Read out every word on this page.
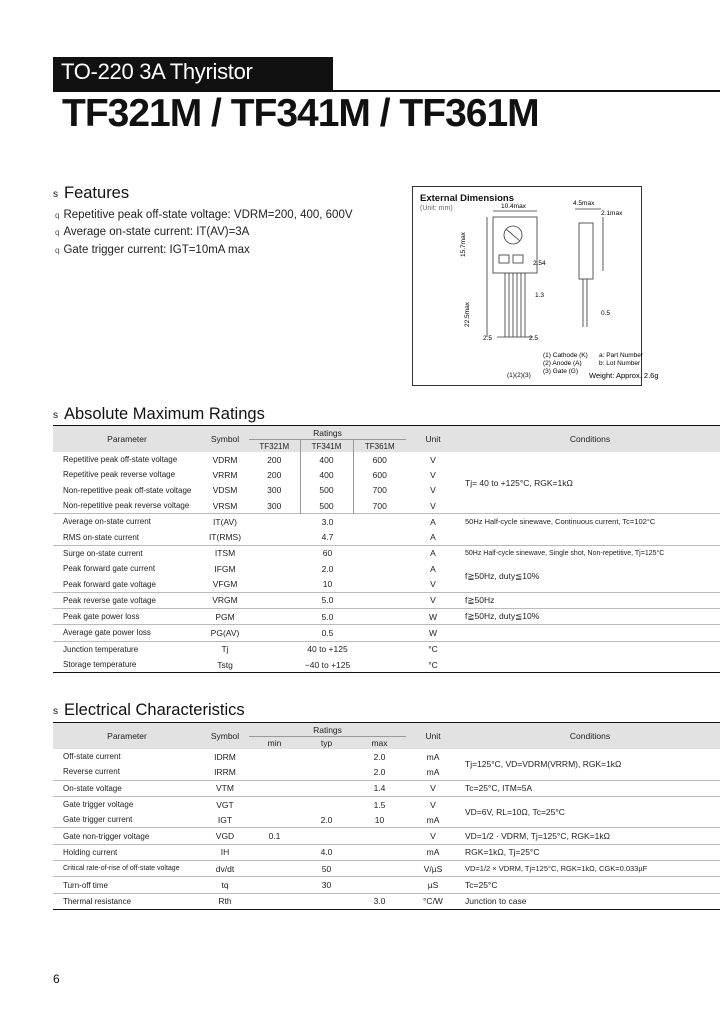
TO-220 3A Thyristor
TF321M / TF341M / TF361M
s Features
q Repetitive peak off-state voltage: VDRM=200, 400, 600V
q Average on-state current: IT(AV)=3A
q Gate trigger current: IGT=10mA max
External Dimensions
(Unit: mm)	10.4max	4.5max
2.1max
15.7max
2.54
1.3
2.5	2.5
0.5
22.5max
(1) Cathode (K)
(2) Anode (A)
(3) Gate (G)
a: Part Number
b: Lot Number
(1)(2)(3)	Weight: Approx. 2.6g
s Absolute Maximum Ratings
Parameter	Symbol	Ratings			Unit	Conditions
		TF321M	TF341M	TF361M		
Repetitive peak off-state voltage	VDRM	200	400	600	V	Tj= 40 to +125°C, RGK=1kΩ
Repetitive peak reverse voltage	VRRM	200	400	600	V	
Non-repetitive peak off-state voltage	VDSM	300	500	700	V	
Non-repetitive peak reverse voltage	VRSM	300	500	700	V	
Average on-state current	IT(AV)	3.0			A	50Hz Half-cycle sinewave, Continuous current, Tc=102°C
RMS on-state current	IT(RMS)	4.7			A	
Surge on-state current	ITSM	60			A	50Hz Half-cycle sinewave, Single shot, Non-repetitive, Tj=125°C
Peak forward gate current	IFGM	2.0			A	f≧50Hz, duty≦10%
Peak forward gate voltage	VFGM	10			V	
Peak reverse gate voltage	VRGM	5.0			V	f≧50Hz
Peak gate power loss	PGM	5.0			W	f≧50Hz, duty≦10%
Average gate power loss	PG(AV)	0.5			W	
Junction temperature	Tj	40 to +125			°C	
Storage temperature	Tstg	−40 to +125			°C	
s Electrical Characteristics
Parameter	Symbol	Ratings			Unit	Conditions
		min	typ	max		
Off-state current	IDRM			2.0	mA	Tj=125°C, VD=VDRM(VRRM), RGK=1kΩ
Reverse current	IRRM			2.0	mA	
On-state voltage	VTM			1.4	V	Tc=25°C, ITM=5A
Gate trigger voltage	VGT			1.5	V	VD=6V, RL=10Ω, Tc=25°C
Gate trigger current	IGT		2.0	10	mA	
Gate non-trigger voltage	VGD	0.1			V	VD=1/2 · VDRM, Tj=125°C, RGK=1kΩ
Holding current	IH		4.0		mA	RGK=1kΩ, Tj=25°C
Critical rate-of-rise of off-state voltage	dv/dt		50		V/µS	VD=1/2 × VDRM, Tj=125°C, RGK=1kΩ, CGK=0.033µF
Turn-off time	tq		30		µS	Tc=25°C
Thermal resistance	Rth			3.0	°C/W	Junction to case
6
